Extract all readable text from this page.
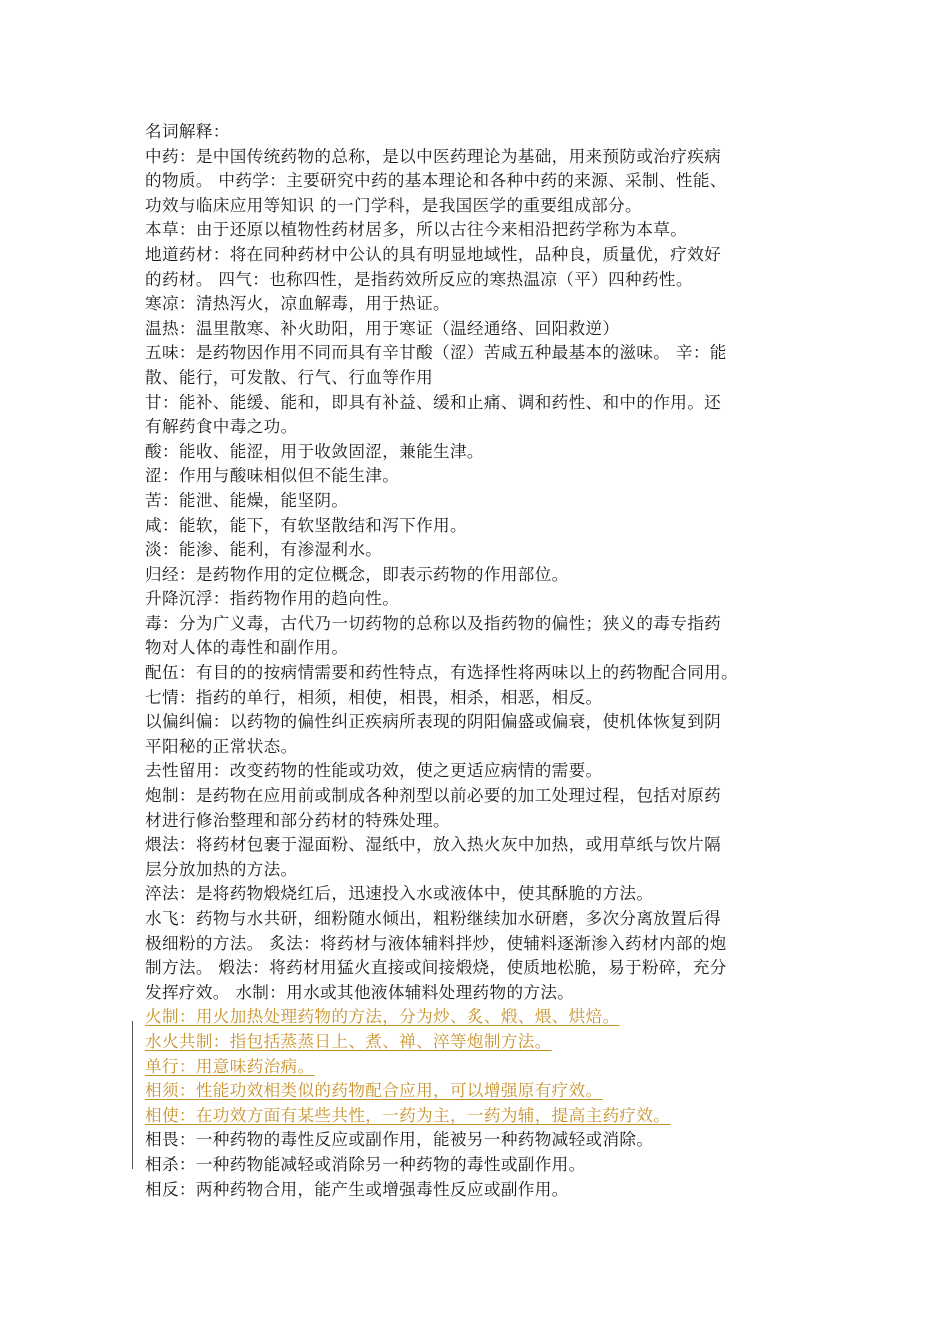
名词解释：
中药：是中国传统药物的总称，是以中医药理论为基础，用来预防或治疗疾病
的物质。 中药学：主要研究中药的基本理论和各种中药的来源、采制、性能、
功效与临床应用等知识 的一门学科，是我国医学的重要组成部分。
本草：由于还原以植物性药材居多，所以古往今来相沿把药学称为本草。
地道药材：将在同种药材中公认的具有明显地域性，品种良，质量优，疗效好
的药材。 四气：也称四性，是指药效所反应的寒热温凉（平）四种药性。
寒凉：清热泻火，凉血解毒，用于热证。
温热：温里散寒、补火助阳，用于寒证（温经通络、回阳救逆）
五味：是药物因作用不同而具有辛甘酸（涩）苦咸五种最基本的滋味。 辛：能
散、能行，可发散、行气、行血等作用
甘：能补、能缓、能和，即具有补益、缓和止痛、调和药性、和中的作用。还
有解药食中毒之功。
酸：能收、能涩，用于收敛固涩，兼能生津。
涩：作用与酸味相似但不能生津。
苦：能泄、能燥，能坚阴。
咸：能软，能下，有软坚散结和泻下作用。
淡：能渗、能利，有渗湿利水。
归经：是药物作用的定位概念，即表示药物的作用部位。
升降沉浮：指药物作用的趋向性。
毒：分为广义毒，古代乃一切药物的总称以及指药物的偏性；狭义的毒专指药
物对人体的毒性和副作用。
配伍：有目的的按病情需要和药性特点，有选择性将两味以上的药物配合同用。
七情：指药的单行，相须，相使，相畏，相杀，相恶，相反。
以偏纠偏：以药物的偏性纠正疾病所表现的阴阳偏盛或偏衰，使机体恢复到阴
平阳秘的正常状态。
去性留用：改变药物的性能或功效，使之更适应病情的需要。
炮制：是药物在应用前或制成各种剂型以前必要的加工处理过程，包括对原药
材进行修治整理和部分药材的特殊处理。
煨法：将药材包裹于湿面粉、湿纸中，放入热火灰中加热，或用草纸与饮片隔
层分放加热的方法。
淬法：是将药物煅烧红后，迅速投入水或液体中，使其酥脆的方法。
水飞：药物与水共研，细粉随水倾出，粗粉继续加水研磨，多次分离放置后得
极细粉的方法。 炙法：将药材与液体辅料拌炒，使辅料逐渐渗入药材内部的炮
制方法。 煅法：将药材用猛火直接或间接煅烧，使质地松脆，易于粉碎，充分
发挥疗效。 水制：用水或其他液体辅料处理药物的方法。
火制：用火加热处理药物的方法，分为炒、炙、煅、煨、烘焙。
水火共制：指包括蒸蒸日上、煮、禅、淬等炮制方法。
单行：用意味药治病。
相须：性能功效相类似的药物配合应用，可以增强原有疗效。
相使：在功效方面有某些共性，一药为主，一药为辅，提高主药疗效。
相畏：一种药物的毒性反应或副作用，能被另一种药物减轻或消除。
相杀：一种药物能减轻或消除另一种药物的毒性或副作用。
相反：两种药物合用，能产生或增强毒性反应或副作用。
